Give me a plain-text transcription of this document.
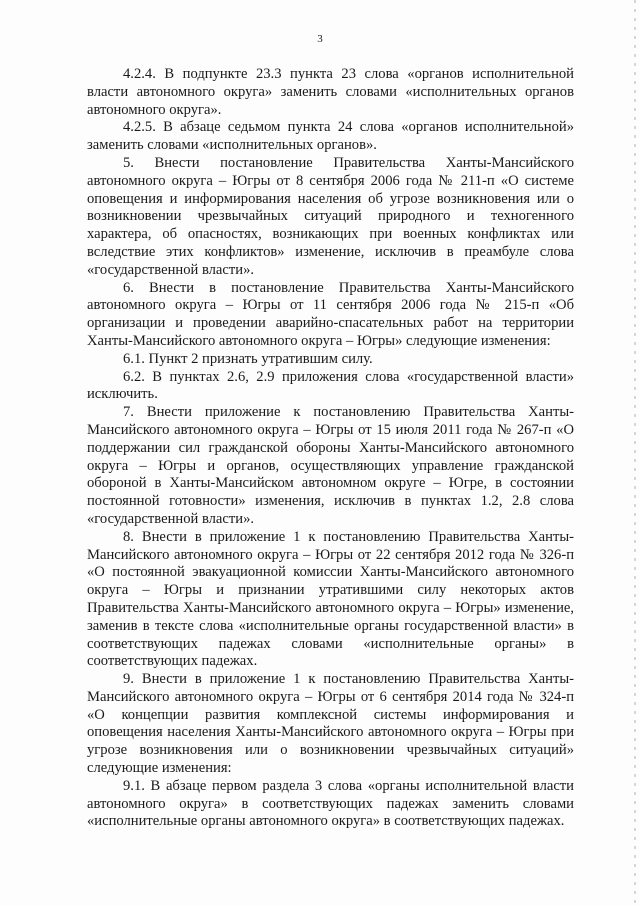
3

4.2.4. В подпункте 23.3 пункта 23 слова «органов исполнительной власти автономного округа» заменить словами «исполнительных органов автономного округа».

4.2.5. В абзаце седьмом пункта 24 слова «органов исполнительной» заменить словами «исполнительных органов».

5. Внести постановление Правительства Ханты-Мансийского автономного округа – Югры от 8 сентября 2006 года № 211-п «О системе оповещения и информирования населения об угрозе возникновения или о возникновении чрезвычайных ситуаций природного и техногенного характера, об опасностях, возникающих при военных конфликтах или вследствие этих конфликтов» изменение, исключив в преамбуле слова «государственной власти».

6. Внести в постановление Правительства Ханты-Мансийского автономного округа – Югры от 11 сентября 2006 года № 215-п «Об организации и проведении аварийно-спасательных работ на территории Ханты-Мансийского автономного округа – Югры» следующие изменения:

6.1. Пункт 2 признать утратившим силу.

6.2. В пунктах 2.6, 2.9 приложения слова «государственной власти» исключить.

7. Внести приложение к постановлению Правительства Ханты-Мансийского автономного округа – Югры от 15 июля 2011 года № 267-п «О поддержании сил гражданской обороны Ханты-Мансийского автономного округа – Югры и органов, осуществляющих управление гражданской обороной в Ханты-Мансийском автономном округе – Югре, в состоянии постоянной готовности» изменения, исключив в пунктах 1.2, 2.8 слова «государственной власти».

8. Внести в приложение 1 к постановлению Правительства Ханты-Мансийского автономного округа – Югры от 22 сентября 2012 года № 326-п «О постоянной эвакуационной комиссии Ханты-Мансийского автономного округа – Югры и признании утратившими силу некоторых актов Правительства Ханты-Мансийского автономного округа – Югры» изменение, заменив в тексте слова «исполнительные органы государственной власти» в соответствующих падежах словами «исполнительные органы» в соответствующих падежах.

9. Внести в приложение 1 к постановлению Правительства Ханты-Мансийского автономного округа – Югры от 6 сентября 2014 года № 324-п «О концепции развития комплексной системы информирования и оповещения населения Ханты-Мансийского автономного округа – Югры при угрозе возникновения или о возникновении чрезвычайных ситуаций» следующие изменения:

9.1. В абзаце первом раздела 3 слова «органы исполнительной власти автономного округа» в соответствующих падежах заменить словами «исполнительные органы автономного округа» в соответствующих падежах.
